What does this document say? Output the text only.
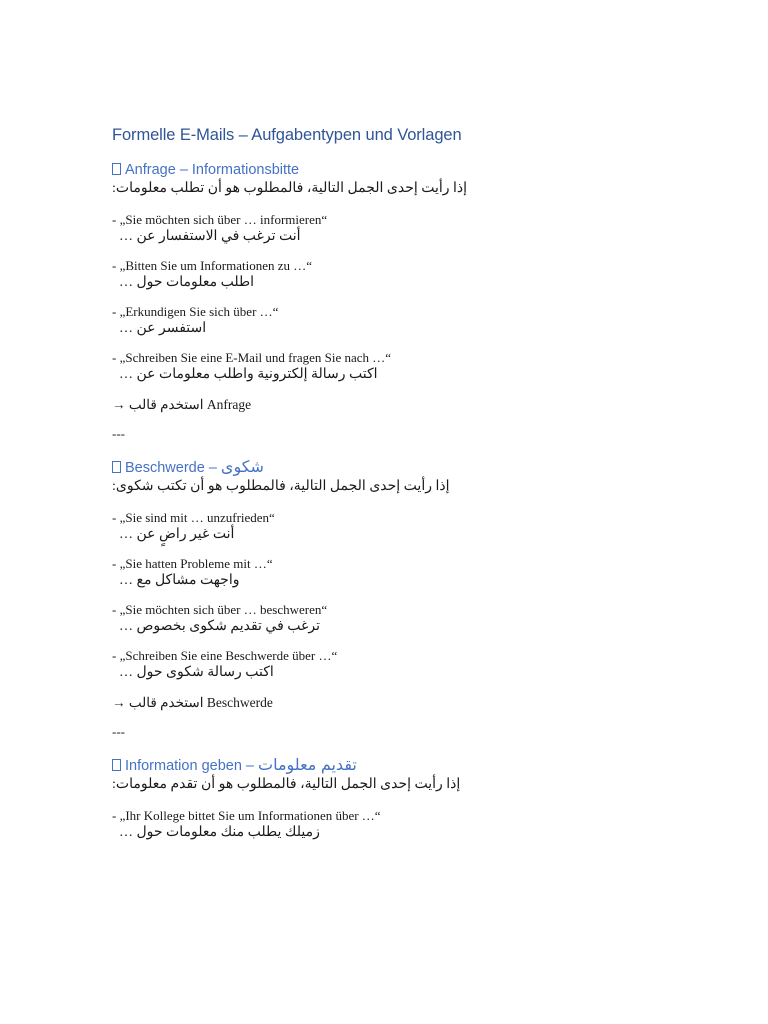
Formelle E-Mails – Aufgabentypen und Vorlagen
Anfrage – Informationsbitte
إذا رأيت إحدى الجمل التالية، فالمطلوب هو أن تطلب معلومات:
- „Sie möchten sich über … informieren“
أنت ترغب في الاستفسار عن …
- „Bitten Sie um Informationen zu …“
اطلب معلومات حول …
- „Erkundigen Sie sich über …“
استفسر عن …
- „Schreiben Sie eine E-Mail und fragen Sie nach …“
اكتب رسالة إلكترونية واطلب معلومات عن …
→ استخدم قالب Anfrage
---
Beschwerde – شكوى
إذا رأيت إحدى الجمل التالية، فالمطلوب هو أن تكتب شكوى:
- „Sie sind mit … unzufrieden“
أنت غير راضٍ عن …
- „Sie hatten Probleme mit …“
واجهت مشاكل مع …
- „Sie möchten sich über … beschweren“
ترغب في تقديم شكوى بخصوص …
- „Schreiben Sie eine Beschwerde über …“
اكتب رسالة شكوى حول …
→ استخدم قالب Beschwerde
---
Information geben – تقديم معلومات
إذا رأيت إحدى الجمل التالية، فالمطلوب هو أن تقدم معلومات:
- „Ihr Kollege bittet Sie um Informationen über …“
زميلك يطلب منك معلومات حول …
